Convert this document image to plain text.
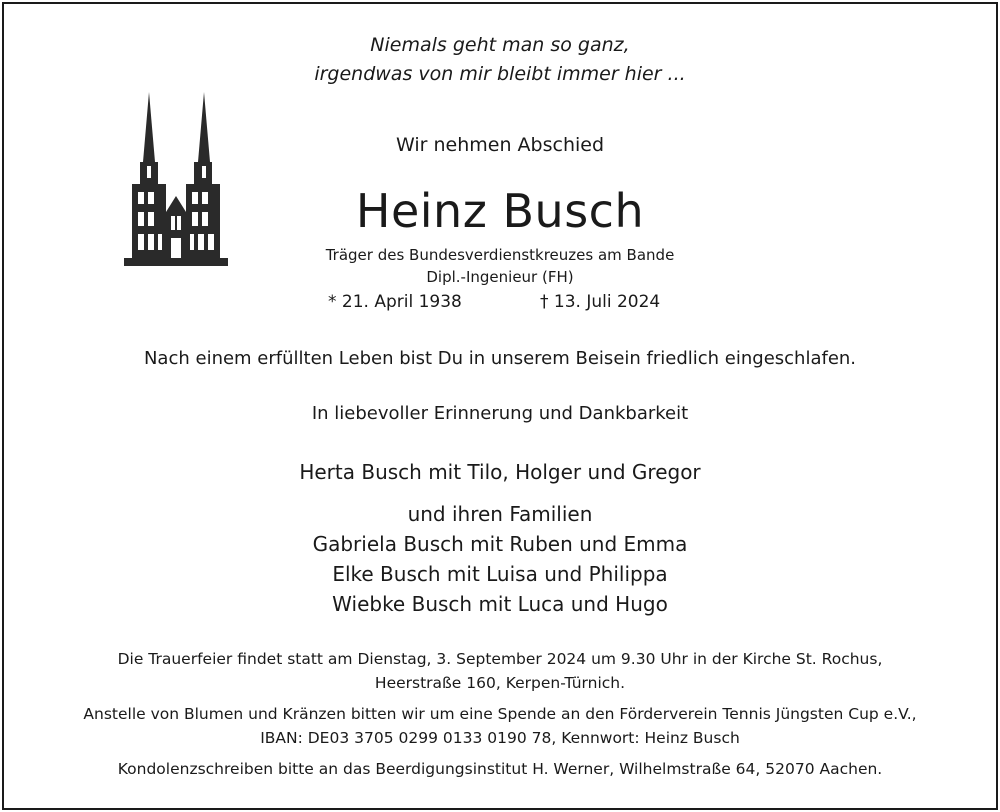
Niemals geht man so ganz,
irgendwas von mir bleibt immer hier ...
Wir nehmen Abschied
Heinz Busch
Träger des Bundesverdienstkreuzes am Bande
Dipl.-Ingenieur (FH)
* 21. April 1938	† 13. Juli 2024
Nach einem erfüllten Leben bist Du in unserem Beisein friedlich eingeschlafen.
In liebevoller Erinnerung und Dankbarkeit
Herta Busch mit Tilo, Holger und Gregor
und ihren Familien
Gabriela Busch mit Ruben und Emma
Elke Busch mit Luisa und Philippa
Wiebke Busch mit Luca und Hugo
Die Trauerfeier findet statt am Dienstag, 3. September 2024 um 9.30 Uhr in der Kirche St. Rochus,
Heerstraße 160, Kerpen-Türnich.
Anstelle von Blumen und Kränzen bitten wir um eine Spende an den Förderverein Tennis Jüngsten Cup e.V.,
IBAN: DE03 3705 0299 0133 0190 78, Kennwort: Heinz Busch
Kondolenzschreiben bitte an das Beerdigungsinstitut H. Werner, Wilhelmstraße 64, 52070 Aachen.
